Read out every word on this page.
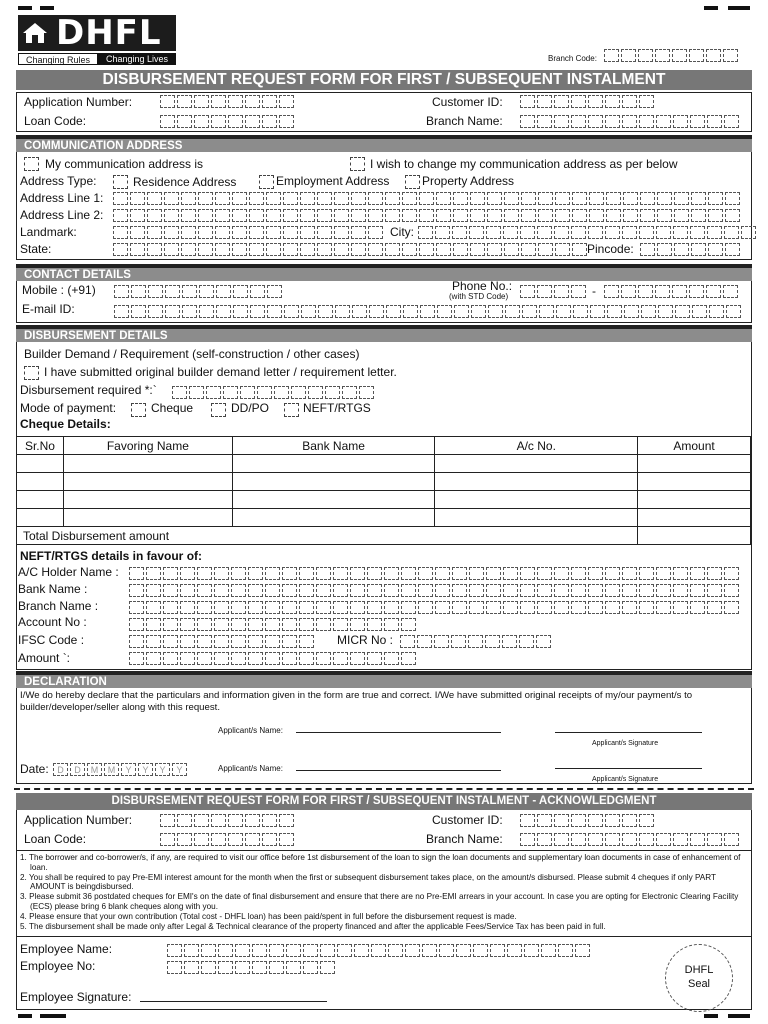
DHFL
Changing Rules	Changing Lives	Branch Code:
DISBURSEMENT REQUEST FORM FOR FIRST / SUBSEQUENT INSTALMENT
Application Number:	Customer ID:
Loan Code:	Branch Name:
COMMUNICATION ADDRESS
My communication address is	I wish to change my communication address as per below
Address Type:	Residence Address	Employment Address	Property Address
Address Line 1:
Address Line 2:
Landmark:	City:
State:	Pincode:
CONTACT DETAILS
Mobile : (+91)	Phone No.:
(with STD Code)	-
E-mail ID:
DISBURSEMENT DETAILS
Builder Demand / Requirement (self-construction / other cases)
I have submitted original builder demand letter / requirement letter.
Disbursement required *:`
Mode of payment:	Cheque	DD/PO	NEFT/RTGS
Cheque Details:
Sr.No	Favoring Name	Bank Name	A/c No.	Amount

Total Disbursement amount				
NEFT/RTGS details in favour of:
A/C Holder Name :
Bank Name :
Branch Name :
Account No :
IFSC Code :	MICR No :
Amount `:
DECLARATION
I/We do hereby declare that the particulars and information given in the form are true and correct. I/We have submitted original receipts of my/our payment/s to builder/developer/seller along with this request.
Applicant/s Name:
Applicant/s Signature
Date: D	D	M	M	Y	Y	Y	Y	Applicant/s Name:
Applicant/s Signature
DISBURSEMENT REQUEST FORM FOR FIRST / SUBSEQUENT INSTALMENT - ACKNOWLEDGMENT
Application Number:	Customer ID:
Loan Code:	Branch Name:
1. The borrower and co-borrower/s, if any, are required to visit our office before 1st disbursement of the loan to sign the loan documents and supplementary loan documents in case of enhancement of loan.
2. You shall be required to pay Pre-EMI interest amount for the month when the first or subsequent disbursement takes place, on the amount/s disbursed. Please submit 4 cheques if only PART AMOUNT is beingdisbursed.
3. Please submit 36 postdated cheques for EMI's on the date of final disbursement and ensure that there are no Pre-EMI arrears in your account. In case you are opting for Electronic Clearing Facility (ECS) please bring 6 blank cheques along with you.
4. Please ensure that your own contribution (Total cost - DHFL loan) has been paid/spent in full before the disbursement request is made.
5. The disbursement shall be made only after Legal & Technical clearance of the property financed and after the applicable Fees/Service Tax has been paid in full.
Employee Name:
Employee No:
Employee Signature:
DHFL
Seal
